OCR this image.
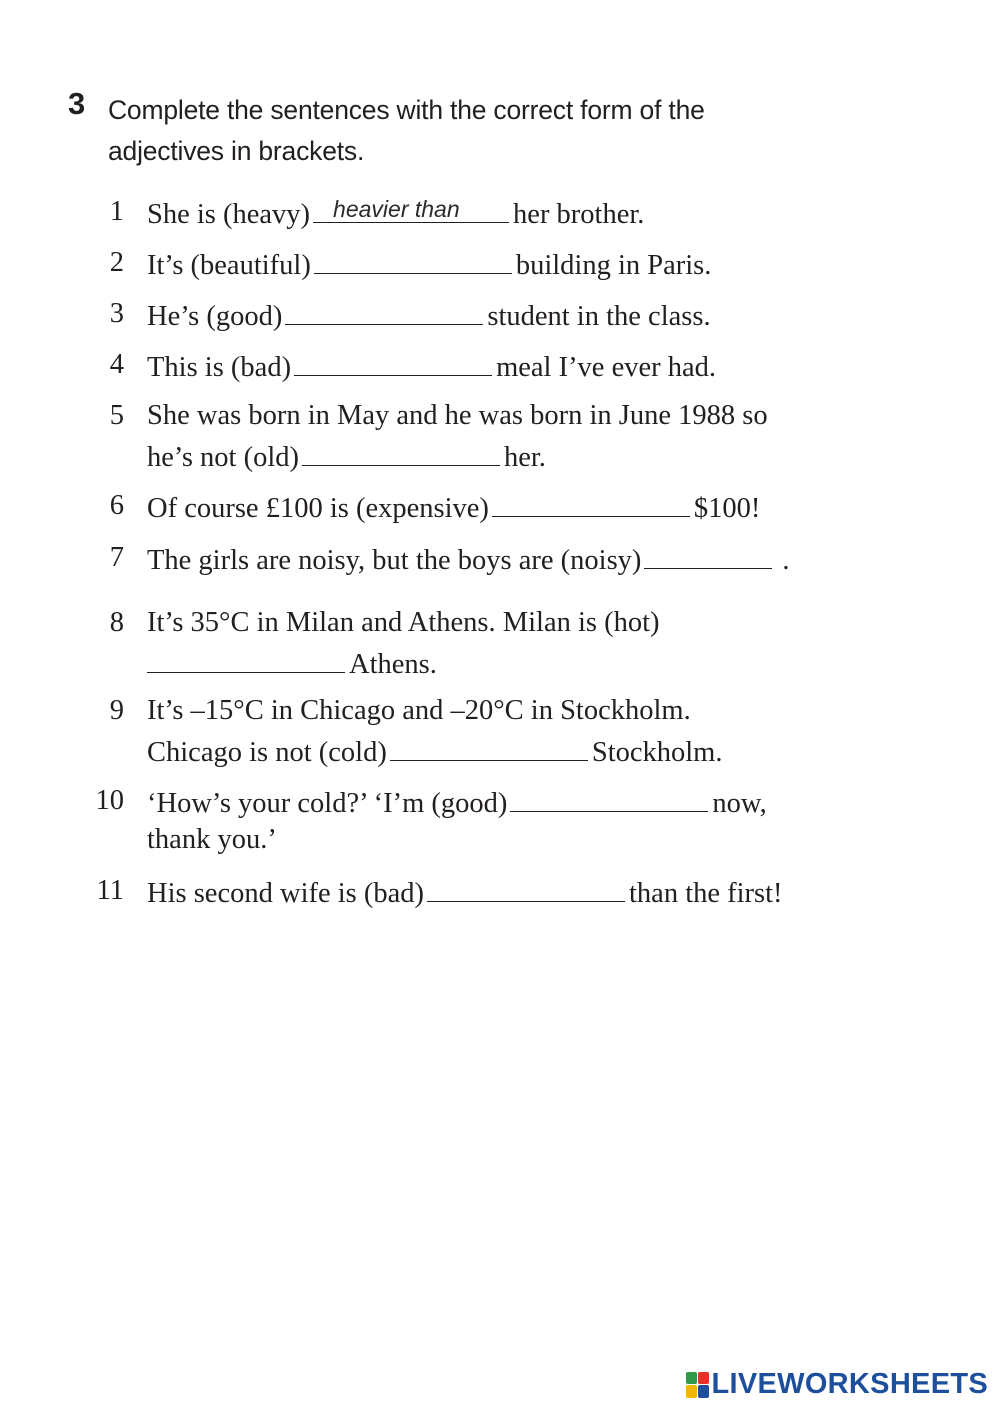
3 Complete the sentences with the correct form of the
adjectives in brackets.
1 She is (heavy) heavier than her brother.
2 It’s (beautiful)	building in Paris.
3 He’s (good)	student in the class.
4 This is (bad)	meal I’ve ever had.
5 She was born in May and he was born in June 1988 so
he’s not (old)	her.
6 Of course £100 is (expensive)	$100!
7 The girls are noisy, but the boys are (noisy)	.
8 It’s 35°C in Milan and Athens. Milan is (hot)
Athens.
9 It’s –15°C in Chicago and –20°C in Stockholm.
Chicago is not (cold)	Stockholm.
10 ‘How’s your cold?’ ‘I’m (good)	now,
thank you.’
11 His second wife is (bad)	than the first!
LIVEWORKSHEETS
